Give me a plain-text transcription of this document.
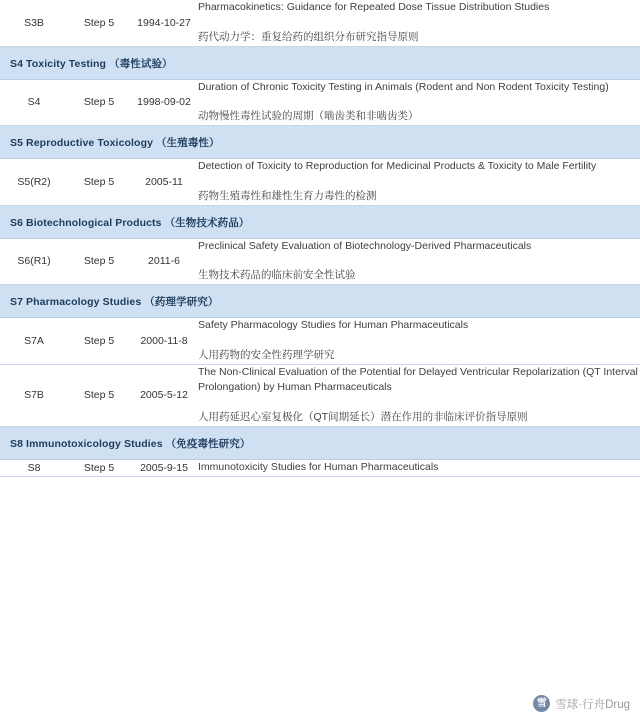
S3B	Step 5	1994-10-27	Pharmacokinetics: Guidance for Repeated Dose Tissue Distribution Studies

药代动力学：重复给药的组织分布研究指导原则

S4 Toxicity Testing （毒性试验）			
S4	Step 5	1998-09-02	Duration of Chronic Toxicity Testing in Animals (Rodent and Non Rodent Toxicity Testing)

动物慢性毒性试验的周期（啮齿类和非啮齿类）

S5 Reproductive Toxicology （生殖毒性）			
S5(R2)	Step 5	2005-11	Detection of Toxicity to Reproduction for Medicinal Products & Toxicity to Male Fertility

药物生殖毒性和雄性生育力毒性的检测

S6 Biotechnological Products （生物技术药品）			
S6(R1)	Step 5	2011-6	Preclinical Safety Evaluation of Biotechnology-Derived Pharmaceuticals

生物技术药品的临床前安全性试验

S7 Pharmacology Studies （药理学研究）			
S7A	Step 5	2000-11-8	Safety Pharmacology Studies for Human Pharmaceuticals

人用药物的安全性药理学研究

S7B	Step 5	2005-5-12	The Non-Clinical Evaluation of the Potential for Delayed Ventricular Repolarization (QT Interval Prolongation) by Human Pharmaceuticals

人用药延迟心室复极化（QT间期延长）潜在作用的非临床评价指导原则

S8 Immunotoxicology Studies （免疫毒性研究）			
S8	Step 5	2005-9-15	Immunotoxicity Studies for Human Pharmaceuticals

雪 雪球·行舟Drug
